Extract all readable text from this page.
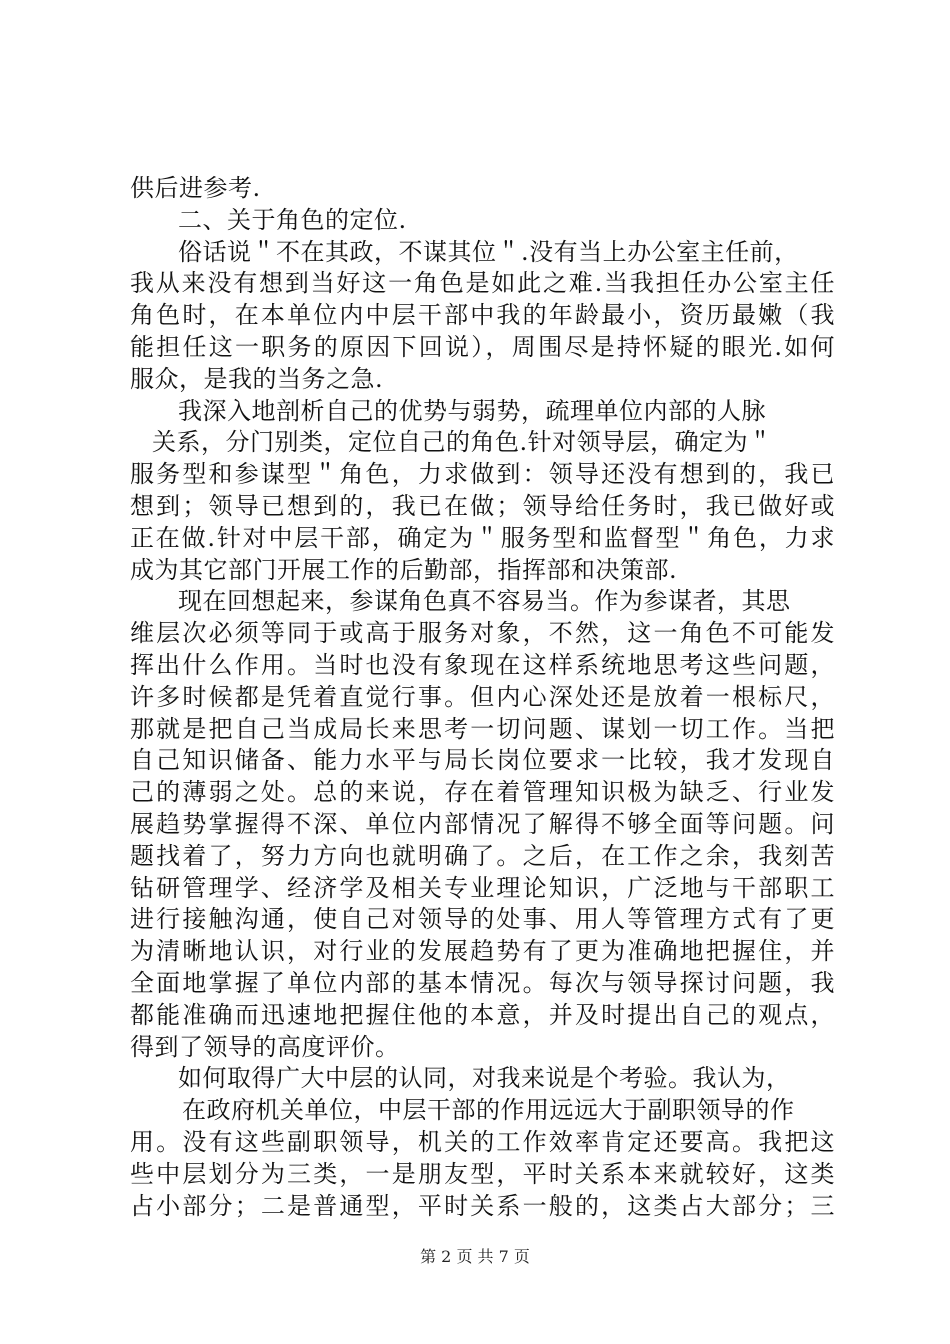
供后进参考.
二、关于角色的定位.
俗话说＂不在其政，不谋其位＂.没有当上办公室主任前，
我从来没有想到当好这一角色是如此之难.当我担任办公室主任
角色时，在本单位内中层干部中我的年龄最小，资历最嫩（我
能担任这一职务的原因下回说），周围尽是持怀疑的眼光.如何
服众，是我的当务之急.
我深入地剖析自己的优势与弱势，疏理单位内部的人脉
关系，分门别类，定位自己的角色.针对领导层，确定为＂
服务型和参谋型＂角色，力求做到：领导还没有想到的，我已
想到；领导已想到的，我已在做；领导给任务时，我已做好或
正在做.针对中层干部，确定为＂服务型和监督型＂角色，力求
成为其它部门开展工作的后勤部，指挥部和决策部.
现在回想起来，参谋角色真不容易当。作为参谋者，其思
维层次必须等同于或高于服务对象，不然，这一角色不可能发
挥出什么作用。当时也没有象现在这样系统地思考这些问题，
许多时候都是凭着直觉行事。但内心深处还是放着一根标尺，
那就是把自己当成局长来思考一切问题、谋划一切工作。当把
自己知识储备、能力水平与局长岗位要求一比较，我才发现自
己的薄弱之处。总的来说，存在着管理知识极为缺乏、行业发
展趋势掌握得不深、单位内部情况了解得不够全面等问题。问
题找着了，努力方向也就明确了。之后，在工作之余，我刻苦
钻研管理学、经济学及相关专业理论知识，广泛地与干部职工
进行接触沟通，使自己对领导的处事、用人等管理方式有了更
为清晰地认识，对行业的发展趋势有了更为准确地把握住，并
全面地掌握了单位内部的基本情况。每次与领导探讨问题，我
都能准确而迅速地把握住他的本意，并及时提出自己的观点，
得到了领导的高度评价。
如何取得广大中层的认同，对我来说是个考验。我认为，
在政府机关单位，中层干部的作用远远大于副职领导的作
用。没有这些副职领导，机关的工作效率肯定还要高。我把这
些中层划分为三类，一是朋友型，平时关系本来就较好，这类
占小部分；二是普通型，平时关系一般的，这类占大部分；三
第 2 页 共 7 页
